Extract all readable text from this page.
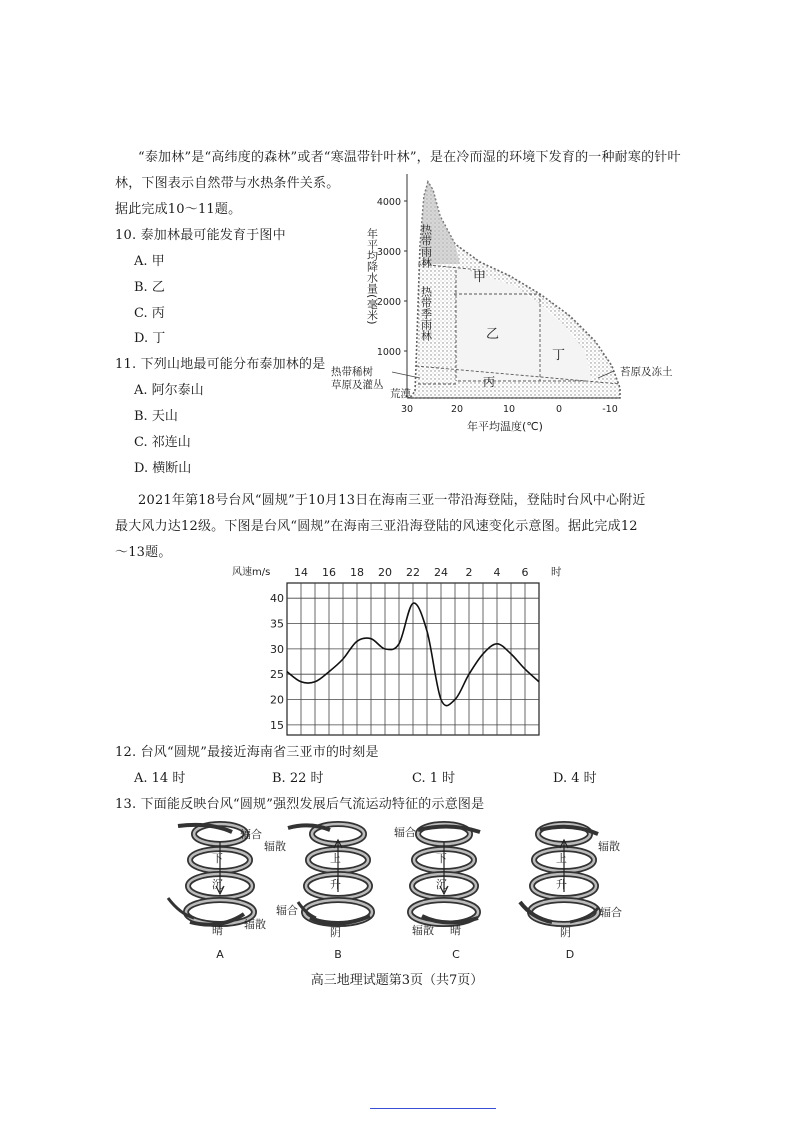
“泰加林”是“高纬度的森林”或者“寒温带针叶林”，是在冷而湿的环境下发育的一种耐寒的针叶
林，下图表示自然带与水热条件关系。
据此完成10～11题。
10. 泰加林最可能发育于图中
A. 甲
B. 乙
C. 丙
D. 丁
11. 下列山地最可能分布泰加林的是
A. 阿尔泰山
B. 天山
C. 祁连山
D. 横断山
4000
3000
2000
1000
30	20	10	0	-10
年平均温度(℃)
年平均降水量(毫米)	热带雨林
热带季雨林
甲
乙
丙
丁
苔原及冻土
热带稀树
草原及灌丛
荒漠
2021年第18号台风“圆规”于10月13日在海南三亚一带沿海登陆，登陆时台风中心附近
最大风力达12级。下图是台风“圆规”在海南三亚沿海登陆的风速变化示意图。据此完成12
～13题。
14 16 18 20 22 24 2 4 6
15
20
25
30
35
40
风速m/s	时
12. 台风“圆规”最接近海南省三亚市的时刻是
A. 14 时	B. 22 时	C. 1 时	D. 4 时
13. 下面能反映台风“圆规”强烈发展后气流运动特征的示意图是
下
沉
辐合
辐散
晴
A
上
升
辐散
辐合
阴
B
下
沉
辐合
辐散 晴
C
上
升
辐散
辐合
阴
D
高三地理试题第3页（共7页）
